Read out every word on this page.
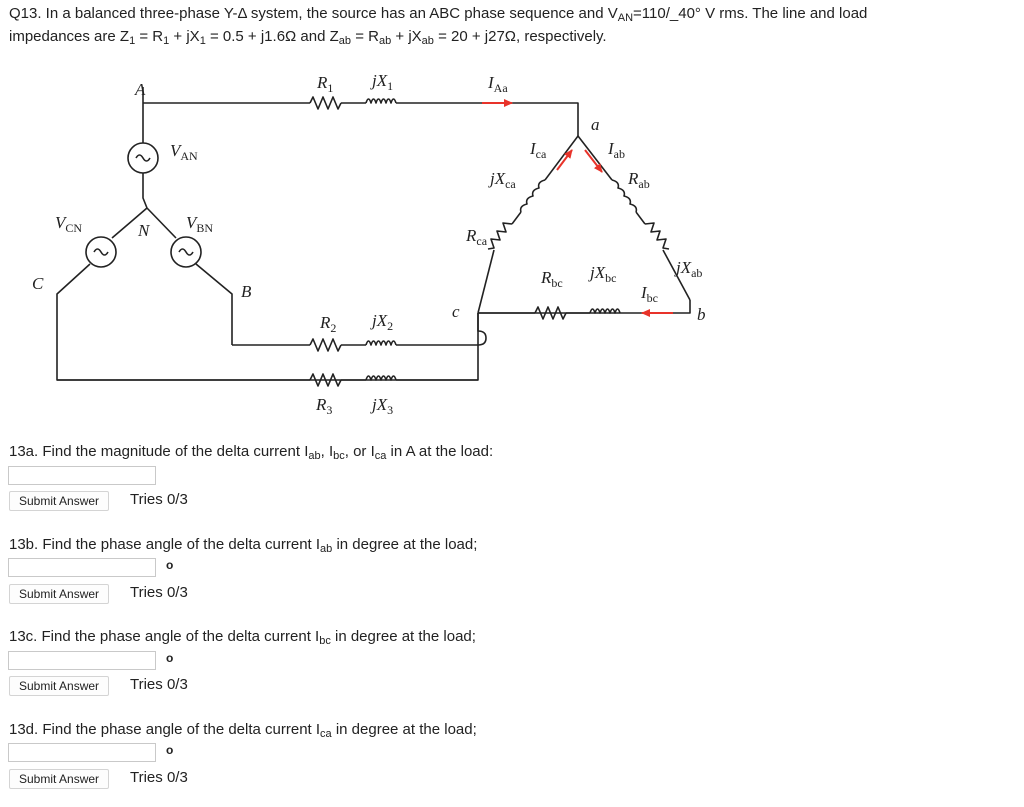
Q13. In a balanced three-phase Y-Δ system, the source has an ABC phase sequence and $V_{AN}=110/\_40^\circ$ V rms. The line and load
impedances are $Z_1 = R_1 + jX_1 = 0.5 + j1.6\Omega$ and $Z_{ab} = R_{ab} + jX_{ab} = 20 + j27\Omega$, respectively.
A
C	B
N
a
b
c
$V_{AN}$
$V_{CN}$	$V_{BN}$
$R_1$ $jX_1$	$I_{Aa}$
$I_{ca}$	$I_{ab}$
$jX_{ca}$	$R_{ab}$
$R_{ca}$
$R_{bc}$
$jX_{bc}$
$I_{bc}$
$jX_{ab}$
$R_2$ $jX_2$
$R_3$ $jX_3$
13a. Find the magnitude of the delta current $I_{ab}$, $I_{bc}$, or $I_{ca}$ in A at the load:
Submit Answer	Tries 0/3
13b. Find the phase angle of the delta current $I_{ab}$ in degree at the load;
o
Submit Answer	Tries 0/3
13c. Find the phase angle of the delta current $I_{bc}$ in degree at the load;
o
Submit Answer	Tries 0/3
13d. Find the phase angle of the delta current $I_{ca}$ in degree at the load;
o
Submit Answer	Tries 0/3
